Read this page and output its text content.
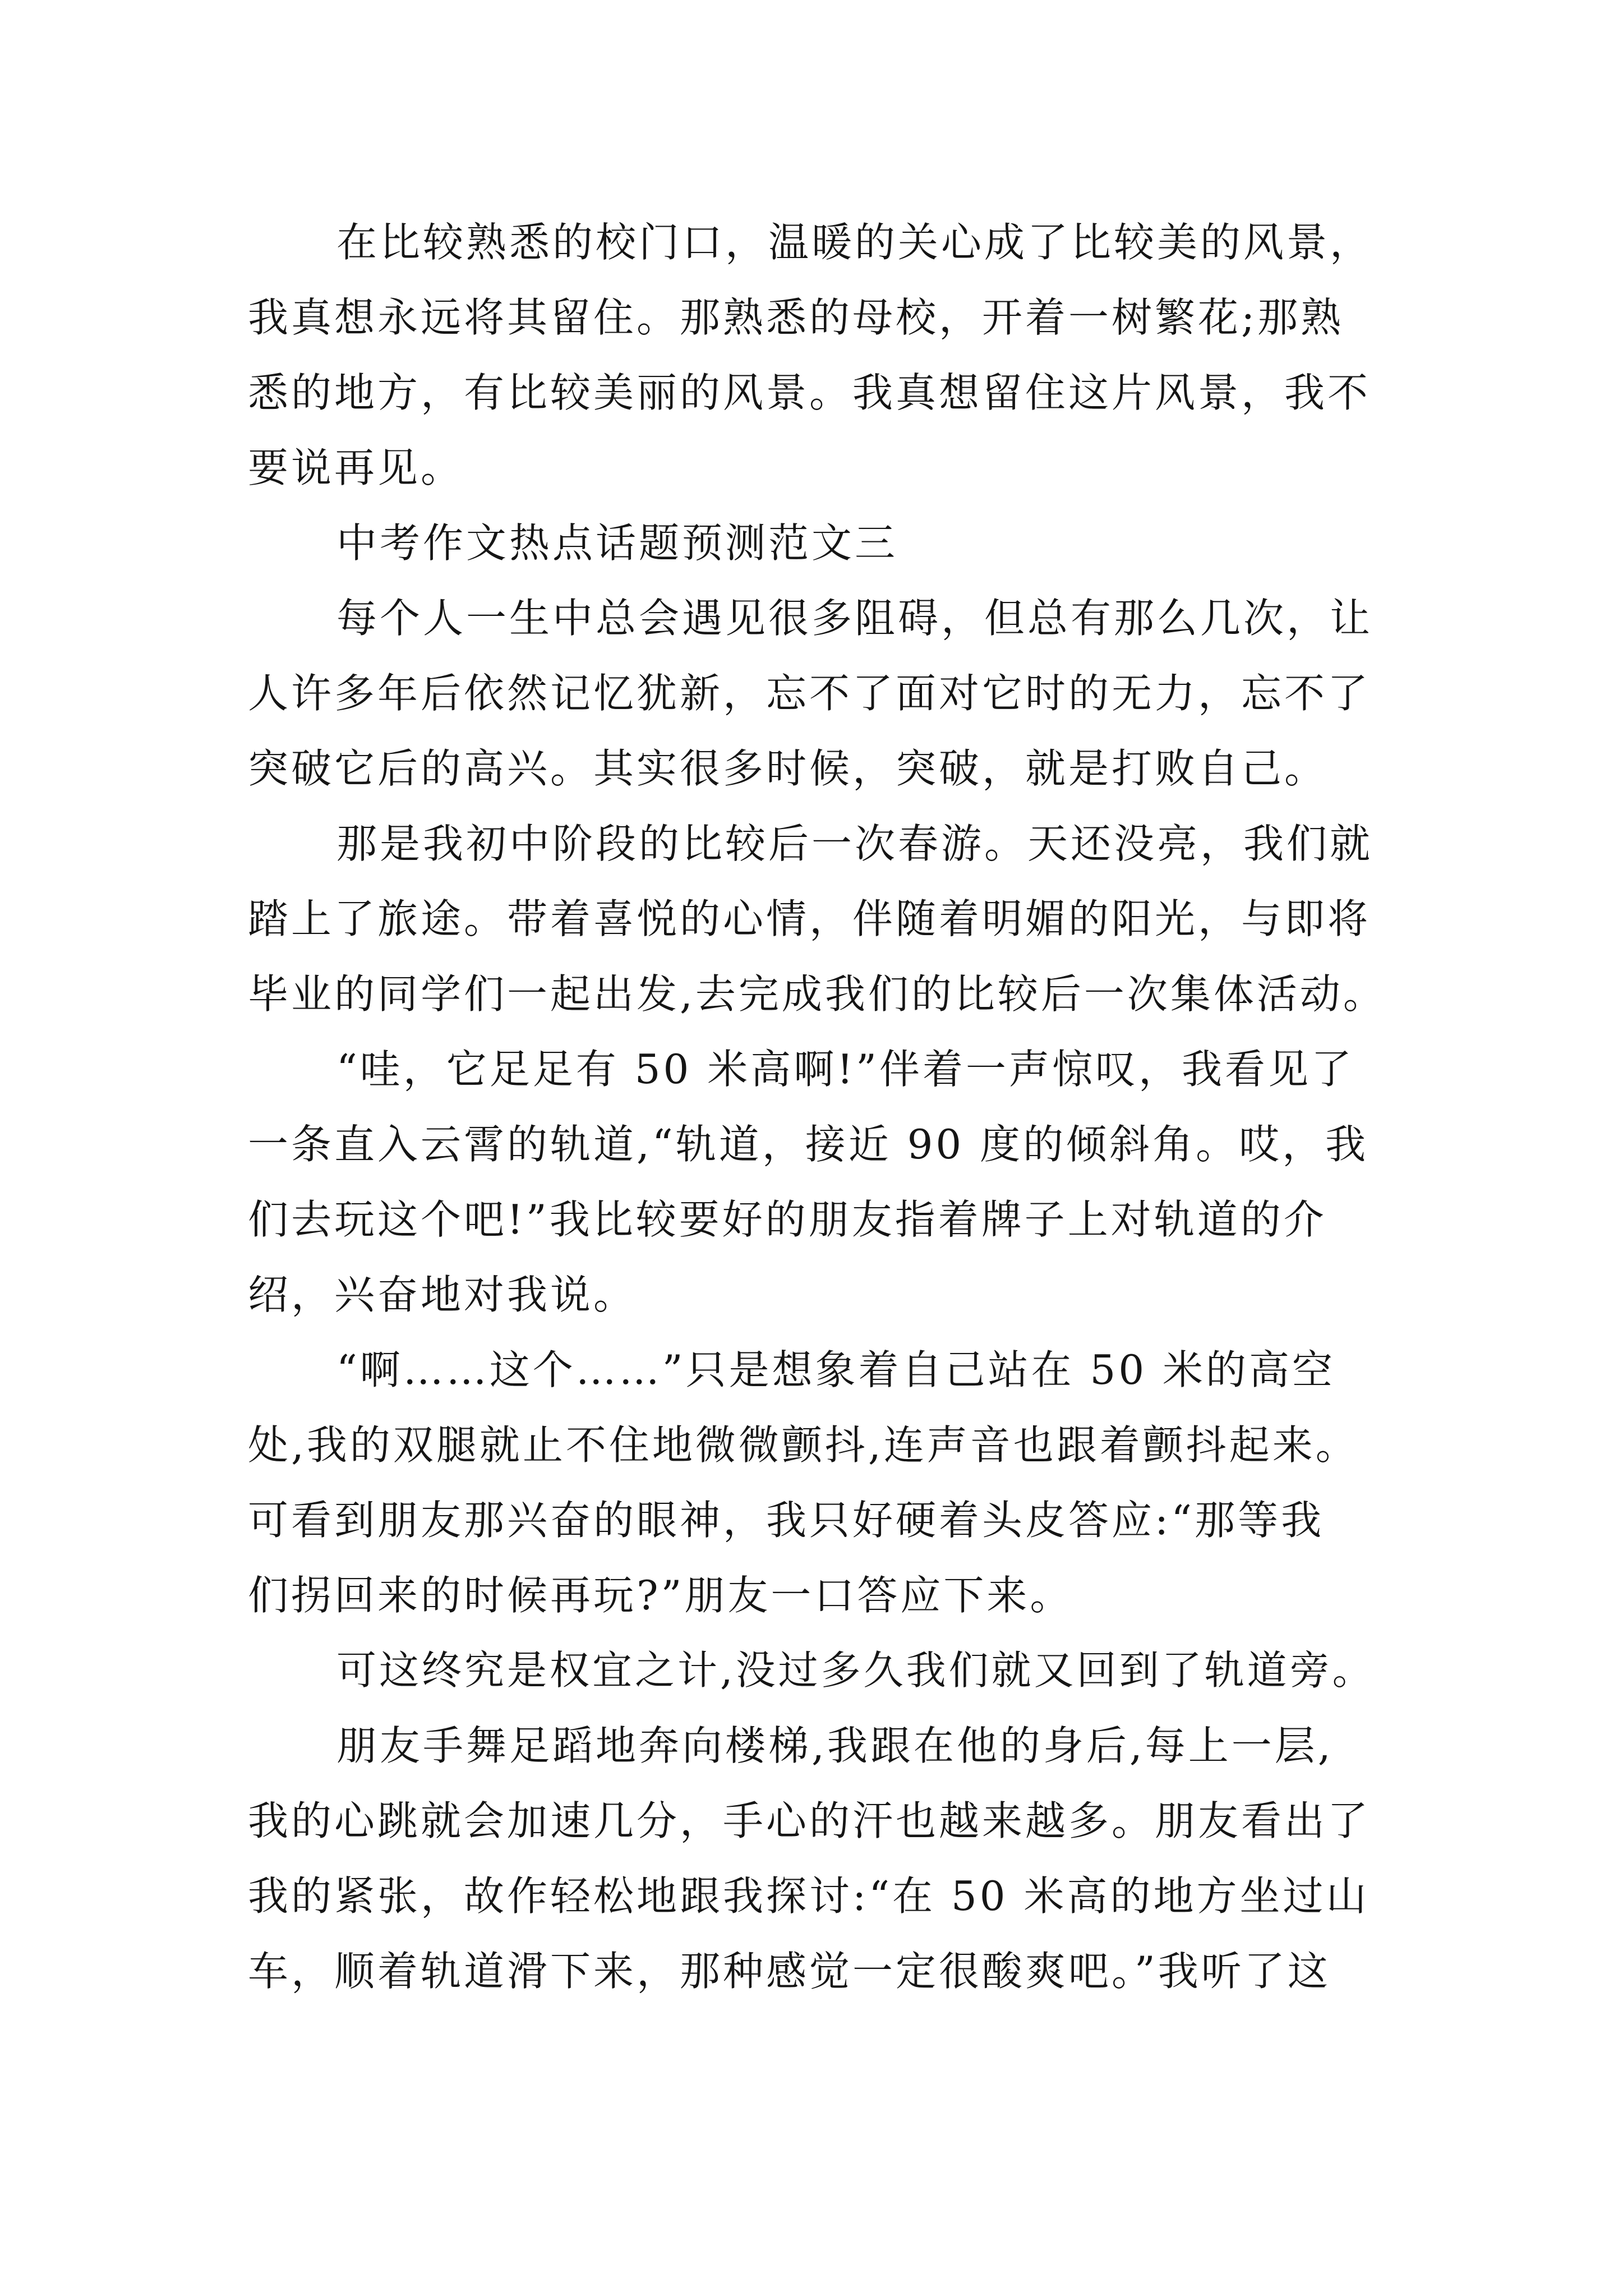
在比较熟悉的校门口，温暖的关心成了比较美的风景，
我真想永远将其留住。那熟悉的母校，开着一树繁花;那熟
悉的地方，有比较美丽的风景。我真想留住这片风景，我不
要说再见。
中考作文热点话题预测范文三
每个人一生中总会遇见很多阻碍，但总有那么几次，让
人许多年后依然记忆犹新，忘不了面对它时的无力，忘不了
突破它后的高兴。其实很多时候，突破，就是打败自己。
那是我初中阶段的比较后一次春游。天还没亮，我们就
踏上了旅途。带着喜悦的心情，伴随着明媚的阳光，与即将
毕业的同学们一起出发,去完成我们的比较后一次集体活动。
“哇，它足足有 50 米高啊!”伴着一声惊叹，我看见了
一条直入云霄的轨道,“轨道，接近 90 度的倾斜角。哎，我
们去玩这个吧!”我比较要好的朋友指着牌子上对轨道的介
绍，兴奋地对我说。
“啊……这个……”只是想象着自己站在 50 米的高空
处,我的双腿就止不住地微微颤抖,连声音也跟着颤抖起来。
可看到朋友那兴奋的眼神，我只好硬着头皮答应:“那等我
们拐回来的时候再玩?”朋友一口答应下来。
可这终究是权宜之计,没过多久我们就又回到了轨道旁。
朋友手舞足蹈地奔向楼梯,我跟在他的身后,每上一层,
我的心跳就会加速几分，手心的汗也越来越多。朋友看出了
我的紧张，故作轻松地跟我探讨:“在 50 米高的地方坐过山
车，顺着轨道滑下来，那种感觉一定很酸爽吧。”我听了这
